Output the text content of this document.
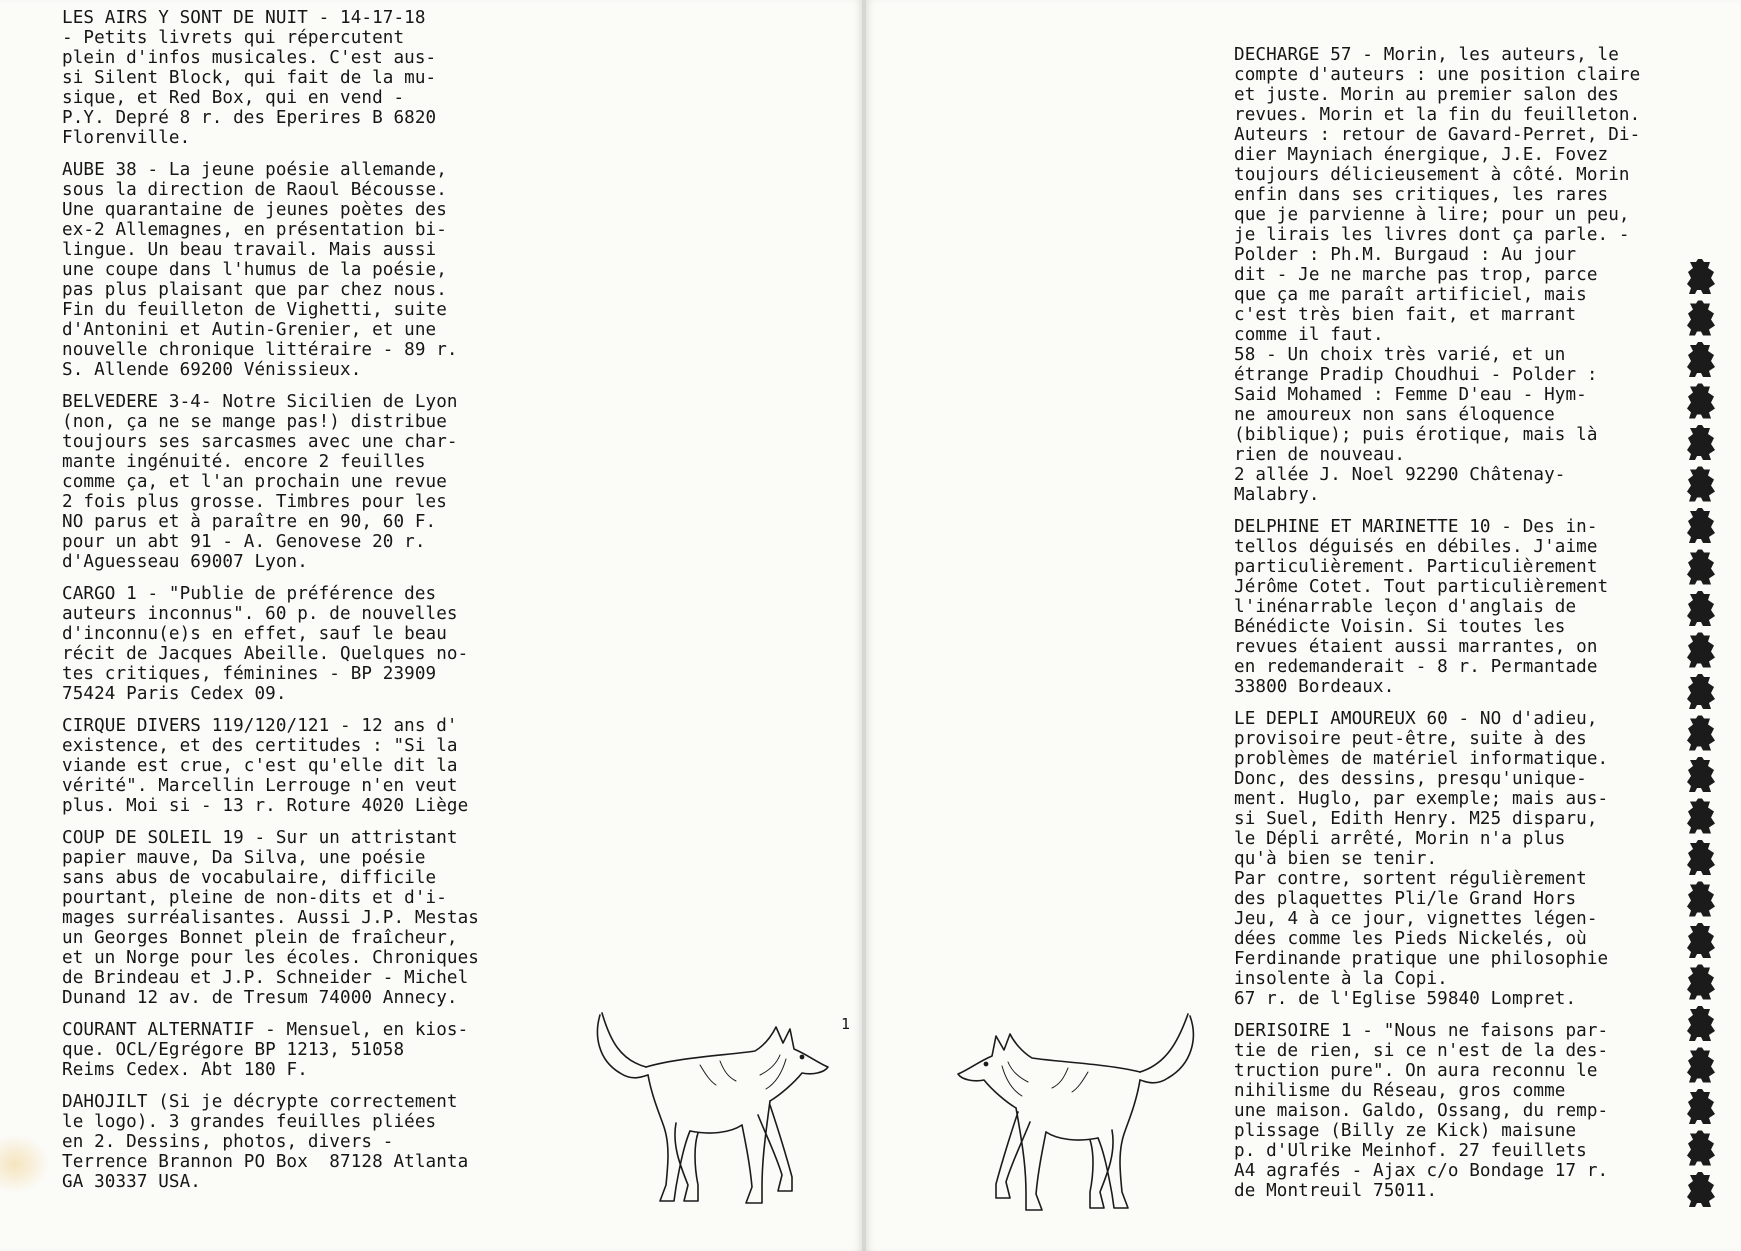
LES AIRS Y SONT DE NUIT - 14-17-18

- Petits livrets qui répercutent

plein d'infos musicales. C'est aus-

si Silent Block, qui fait de la mu-

sique, et Red Box, qui en vend -

P.Y. Depré 8 r. des Eperires B 6820

Florenville.

AUBE 38 - La jeune poésie allemande,

sous la direction de Raoul Bécousse.

Une quarantaine de jeunes poètes des

ex-2 Allemagnes, en présentation bi-

lingue. Un beau travail. Mais aussi

une coupe dans l'humus de la poésie,

pas plus plaisant que par chez nous.

Fin du feuilleton de Vighetti, suite

d'Antonini et Autin-Grenier, et une

nouvelle chronique littéraire - 89 r.

S. Allende 69200 Vénissieux.

BELVEDERE 3-4- Notre Sicilien de Lyon

(non, ça ne se mange pas!) distribue

toujours ses sarcasmes avec une char-

mante ingénuité. encore 2 feuilles

comme ça, et l'an prochain une revue

2 fois plus grosse. Timbres pour les

NO parus et à paraître en 90, 60 F.

pour un abt 91 - A. Genovese 20 r.

d'Aguesseau 69007 Lyon.

CARGO 1 - "Publie de préférence des

auteurs inconnus". 60 p. de nouvelles

d'inconnu(e)s en effet, sauf le beau

récit de Jacques Abeille. Quelques no-

tes critiques, féminines - BP 23909

75424 Paris Cedex 09.

CIRQUE DIVERS 119/120/121 - 12 ans d'

existence, et des certitudes : "Si la

viande est crue, c'est qu'elle dit la

vérité". Marcellin Lerrouge n'en veut

plus. Moi si - 13 r. Roture 4020 Liège

COUP DE SOLEIL 19 - Sur un attristant

papier mauve, Da Silva, une poésie

sans abus de vocabulaire, difficile

pourtant, pleine de non-dits et d'i-

mages surréalisantes. Aussi J.P. Mestas

un Georges Bonnet plein de fraîcheur,

et un Norge pour les écoles. Chroniques

de Brindeau et J.P. Schneider - Michel

Dunand 12 av. de Tresum 74000 Annecy.

COURANT ALTERNATIF - Mensuel, en kios-

que. OCL/Egrégore BP 1213, 51058

Reims Cedex. Abt 180 F.

DAHOJILT (Si je décrypte correctement

le logo). 3 grandes feuilles pliées

en 2. Dessins, photos, divers -

Terrence Brannon PO Box  87128 Atlanta

GA 30337 USA.

DECHARGE 57 - Morin, les auteurs, le

compte d'auteurs : une position claire

et juste. Morin au premier salon des

revues. Morin et la fin du feuilleton.

Auteurs : retour de Gavard-Perret, Di-

dier Mayniach énergique, J.E. Fovez

toujours délicieusement à côté. Morin

enfin dans ses critiques, les rares

que je parvienne à lire; pour un peu,

je lirais les livres dont ça parle. -

Polder : Ph.M. Burgaud : Au jour

dit - Je ne marche pas trop, parce

que ça me paraît artificiel, mais

c'est très bien fait, et marrant

comme il faut.

58 - Un choix très varié, et un

étrange Pradip Choudhui - Polder :

Said Mohamed : Femme D'eau - Hym-

ne amoureux non sans éloquence

(biblique); puis érotique, mais là

rien de nouveau.

2 allée J. Noel 92290 Châtenay-

Malabry.

DELPHINE ET MARINETTE 10 - Des in-

tellos déguisés en débiles. J'aime

particulièrement. Particulièrement

Jérôme Cotet. Tout particulièrement

l'inénarrable leçon d'anglais de

Bénédicte Voisin. Si toutes les

revues étaient aussi marrantes, on

en redemanderait - 8 r. Permantade

33800 Bordeaux.

LE DEPLI AMOUREUX 60 - NO d'adieu,

provisoire peut-être, suite à des

problèmes de matériel informatique.

Donc, des dessins, presqu'unique-

ment. Huglo, par exemple; mais aus-

si Suel, Edith Henry. M25 disparu,

le Dépli arrêté, Morin n'a plus

qu'à bien se tenir.

Par contre, sortent régulièrement

des plaquettes Pli/le Grand Hors

Jeu, 4 à ce jour, vignettes légen-

dées comme les Pieds Nickelés, où

Ferdinande pratique une philosophie

insolente à la Copi.

67 r. de l'Eglise 59840 Lompret.

DERISOIRE 1 - "Nous ne faisons par-

tie de rien, si ce n'est de la des-

truction pure". On aura reconnu le

nihilisme du Réseau, gros comme

une maison. Galdo, Ossang, du remp-

plissage (Billy ze Kick) maisune

p. d'Ulrike Meinhof. 27 feuillets

A4 agrafés - Ajax c/o Bondage 17 r.

de Montreuil 75011.

1
